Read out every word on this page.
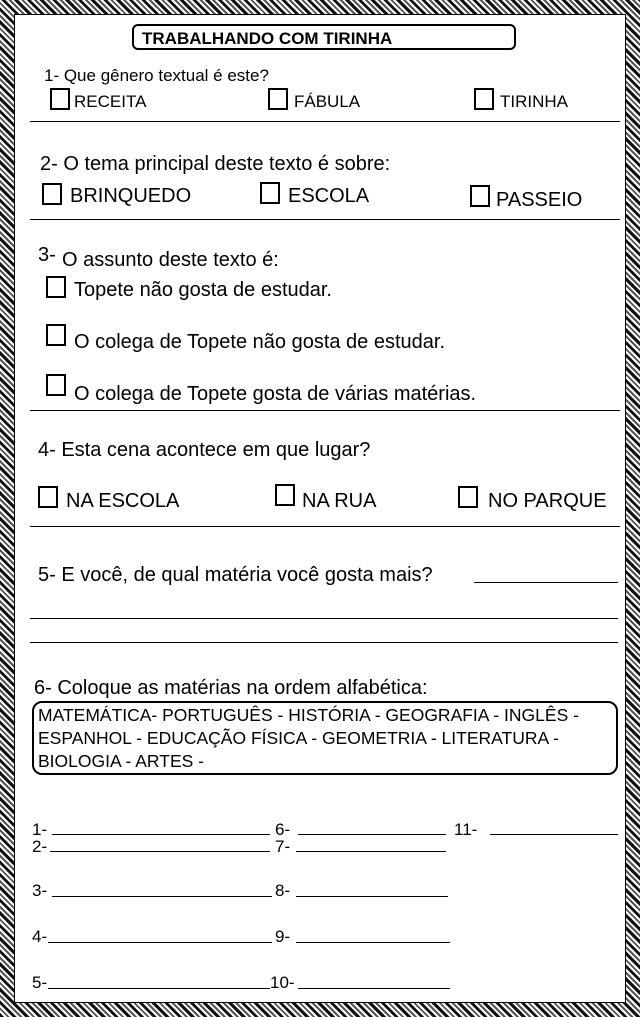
TRABALHANDO COM TIRINHA
1- Que gênero textual é este?
RECEITA	FÁBULA	TIRINHA
2- O tema principal deste texto é sobre:
BRINQUEDO	ESCOLA	PASSEIO
3- O assunto deste texto é:
Topete não gosta de estudar.
O colega de Topete não gosta de estudar.
O colega de Topete gosta de várias matérias.
4- Esta cena acontece em que lugar?
NA ESCOLA	NA RUA	NO PARQUE
5- E você, de qual matéria você gosta mais?
6- Coloque as matérias na ordem alfabética:
MATEMÁTICA- PORTUGUÊS - HISTÓRIA - GEOGRAFIA - INGLÊS - ESPANHOL - EDUCAÇÃO FÍSICA - GEOMETRIA - LITERATURA - BIOLOGIA - ARTES -
1-
2-
3-
4-
5-
6-
7-
8-
9-
10-
11-
